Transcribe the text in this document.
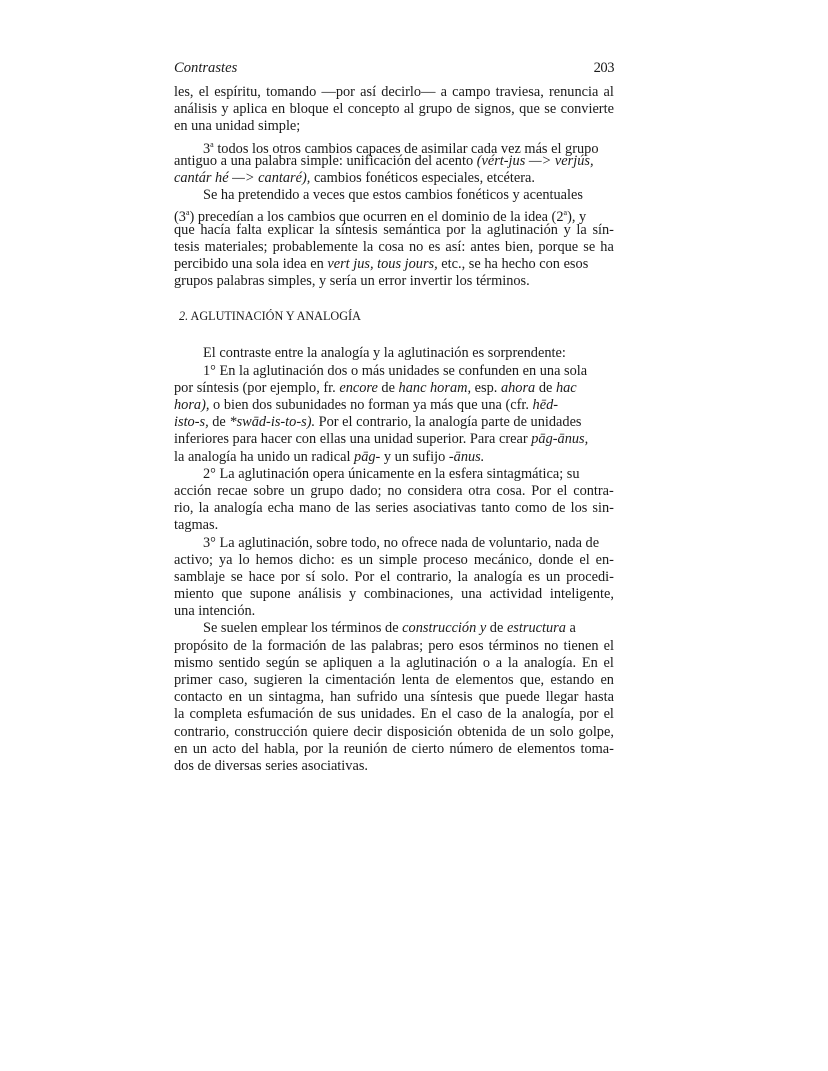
Contrastes	203
les, el espíritu, tomando —por así decirlo— a campo traviesa, renuncia al
análisis y aplica en bloque el concepto al grupo de signos, que se convierte
en una unidad simple;
3$^a$ todos los otros cambios capaces de asimilar cada vez más el grupo
antiguo a una palabra simple: unificación del acento (vért-jus —> verjús,
cantár hé —> cantaré), cambios fonéticos especiales, etcétera.
Se ha pretendido a veces que estos cambios fonéticos y acentuales
(3$^a$) precedían a los cambios que ocurren en el dominio de la idea (2$^a$), y
que hacía falta explicar la síntesis semántica por la aglutinación y la sín-
tesis materiales; probablemente la cosa no es así: antes bien, porque se ha
percibido una sola idea en vert jus, tous jours, etc., se ha hecho con esos
grupos palabras simples, y sería un error invertir los términos.
2. AGLUTINACIÓN Y ANALOGÍA
El contraste entre la analogía y la aglutinación es sorprendente:
1° En la aglutinación dos o más unidades se confunden en una sola
por síntesis (por ejemplo, fr. encore de hanc horam, esp. ahora de hac
hora), o bien dos subunidades no forman ya más que una (cfr. hēd-
isto-s, de *swād-is-to-s). Por el contrario, la analogía parte de unidades
inferiores para hacer con ellas una unidad superior. Para crear pāg-ānus,
la analogía ha unido un radical pāg- y un sufijo -ānus.
2° La aglutinación opera únicamente en la esfera sintagmática; su
acción recae sobre un grupo dado; no considera otra cosa. Por el contra-
rio, la analogía echa mano de las series asociativas tanto como de los sin-
tagmas.
3° La aglutinación, sobre todo, no ofrece nada de voluntario, nada de
activo; ya lo hemos dicho: es un simple proceso mecánico, donde el en-
samblaje se hace por sí solo. Por el contrario, la analogía es un procedi-
miento que supone análisis y combinaciones, una actividad inteligente,
una intención.
Se suelen emplear los términos de construcción y de estructura a
propósito de la formación de las palabras; pero esos términos no tienen el
mismo sentido según se apliquen a la aglutinación o a la analogía. En el
primer caso, sugieren la cimentación lenta de elementos que, estando en
contacto en un sintagma, han sufrido una síntesis que puede llegar hasta
la completa esfumación de sus unidades. En el caso de la analogía, por el
contrario, construcción quiere decir disposición obtenida de un solo golpe,
en un acto del habla, por la reunión de cierto número de elementos toma-
dos de diversas series asociativas.
